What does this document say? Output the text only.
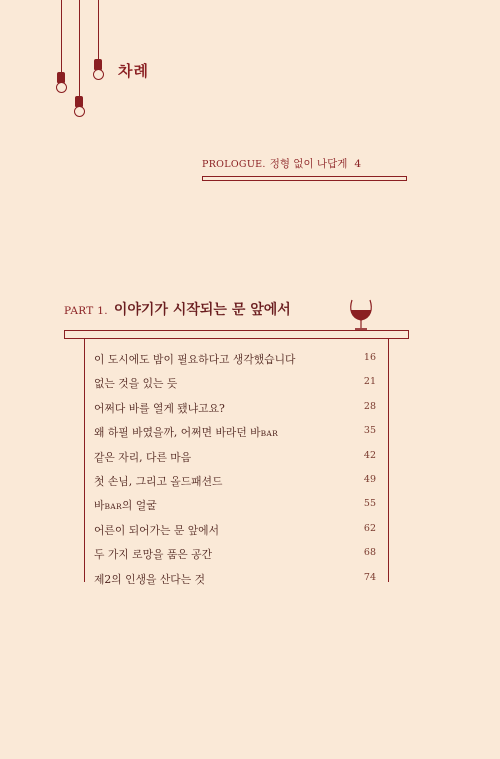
차례
PROLOGUE. 정형 없이 나답게 4
PART 1. 이야기가 시작되는 문 앞에서
이 도시에도 밤이 필요하다고 생각했습니다	16
없는 것을 있는 듯	21
어쩌다 바를 열게 됐냐고요?	28
왜 하필 바였을까, 어쩌면 바라던 바BAR	35
같은 자리, 다른 마음	42
첫 손님, 그리고 올드패션드	49
바BAR의 얼굴	55
어른이 되어가는 문 앞에서	62
두 가지 로망을 품은 공간	68
제2의 인생을 산다는 것	74
